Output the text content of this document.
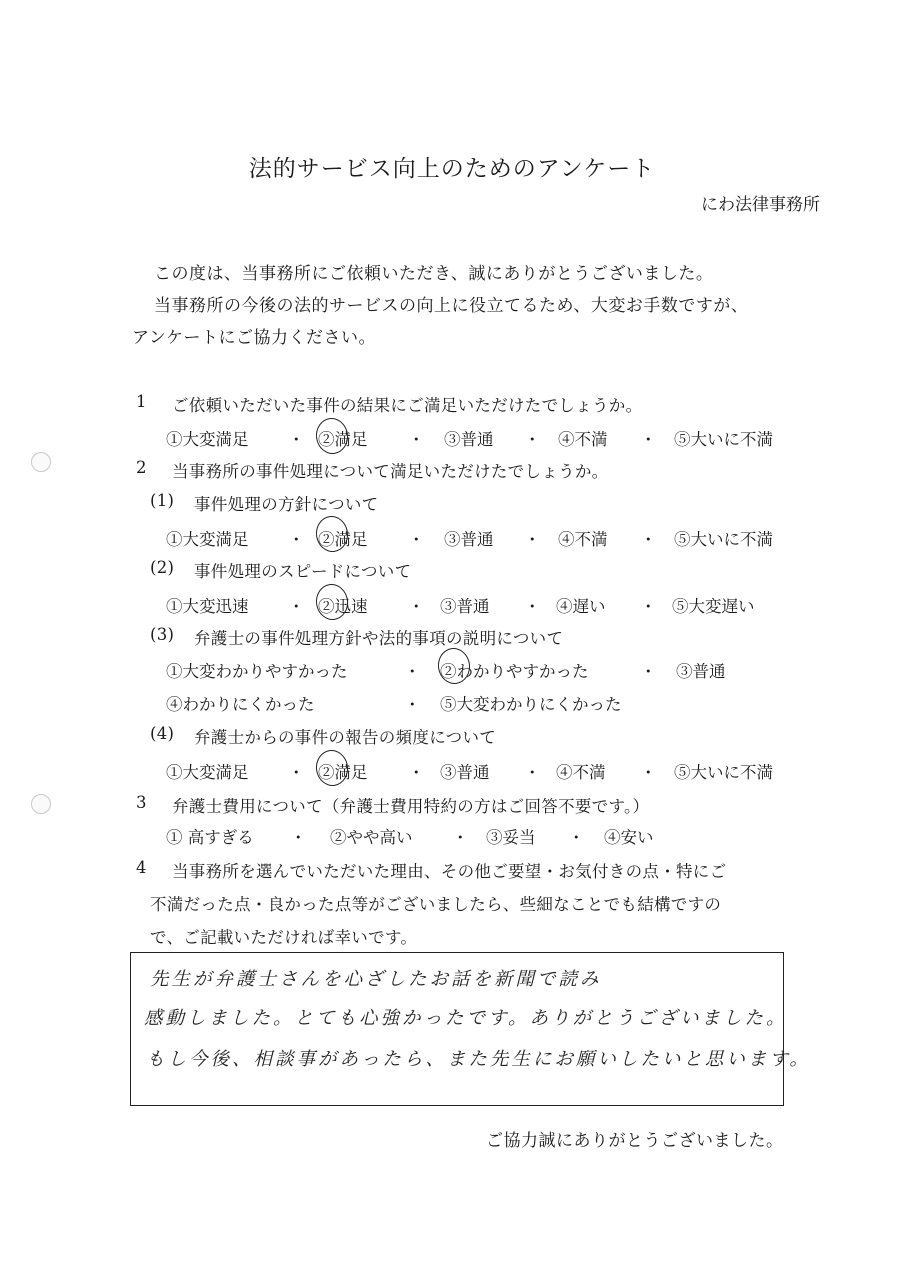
法的サービス向上のためのアンケート
にわ法律事務所
この度は、当事務所にご依頼いただき、誠にありがとうございました。
当事務所の今後の法的サービスの向上に役立てるため、大変お手数ですが、
アンケートにご協力ください。
1 ご依頼いただいた事件の結果にご満足いただけたでしょうか。
①大変満足 ・ ②満足 ・ ③普通 ・ ④不満 ・ ⑤大いに不満
2 当事務所の事件処理について満足いただけたでしょうか。
(1) 事件処理の方針について
①大変満足 ・ ②満足 ・ ③普通 ・ ④不満 ・ ⑤大いに不満
(2) 事件処理のスピードについて
①大変迅速 ・ ②迅速 ・ ③普通 ・ ④遅い ・ ⑤大変遅い
(3) 弁護士の事件処理方針や法的事項の説明について
①大変わかりやすかった	・ ②わかりやすかった	・ ③普通
④わかりにくかった	・ ⑤大変わかりにくかった
(4) 弁護士からの事件の報告の頻度について
①大変満足 ・ ②満足 ・ ③普通 ・ ④不満 ・ ⑤大いに不満
3 弁護士費用について（弁護士費用特約の方はご回答不要です。）
① 高すぎる ・ ②やや高い ・ ③妥当 ・ ④安い
4 当事務所を選んでいただいた理由、その他ご要望・お気付きの点・特にご
不満だった点・良かった点等がございましたら、些細なことでも結構ですの
で、ご記載いただければ幸いです。
先生が弁護士さんを心ざしたお話を新聞で読み
感動しました。とても心強かったです。ありがとうございました。
もし今後、相談事があったら、また先生にお願いしたいと思います。
ご協力誠にありがとうございました。
